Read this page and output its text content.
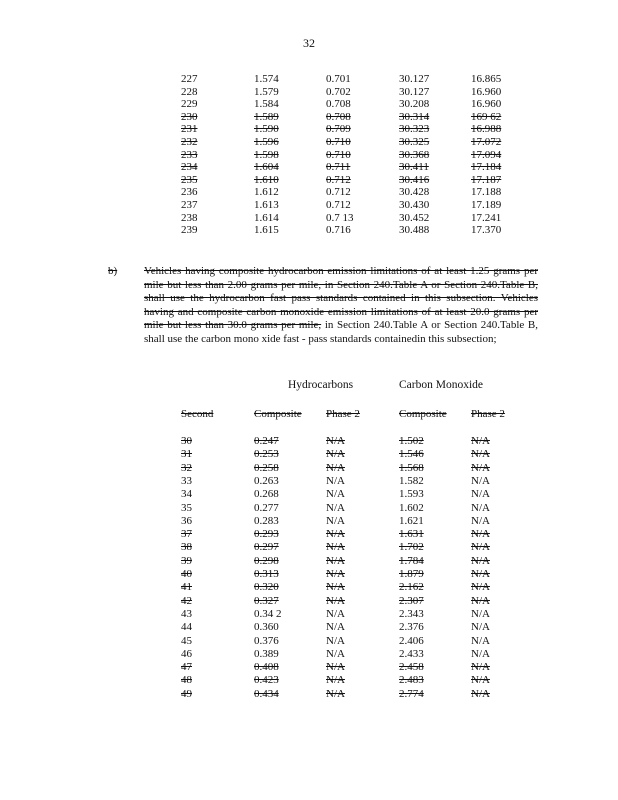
32
227	1.574	0.701	30.127	16.865
228	1.579	0.702	30.127	16.960
229	1.584	0.708	30.208	16.960
230	1.589	0.708	30.314	169 62
231	1.590	0.709	30.323	16.988
232	1.596	0.710	30.325	17.072
233	1.598	0.710	30.368	17.094
234	1.604	0.711	30.411	17.184
235	1.610	0.712	30.416	17.187
236	1.612	0.712	30.428	17.188
237	1.613	0.712	30.430	17.189
238	1.614	0.7 13	30.452	17.241
239	1.615	0.716	30.488	17.370
b) Vehicles having composite hydrocarbon emission limitations of at least 1.25 grams per mile but less than 2.00 grams per mile, in Section 240.Table A or Section 240.Table B, shall use the hydrocarbon fast pass standards contained in this subsection. Vehicles having and composite carbon monoxide emission limitations of at least 20.0 grams per mile but less than 30.0 grams per mile, in Section 240.Table A or Section 240.Table B, shall use the carbon mono xide fast - pass standards containedin this subsection;
Hydrocarbons	Carbon Monoxide
Second	Composite Phase 2	Composite Phase 2
30	0.247	N/A	1.502	N/A
31	0.253	N/A	1.546	N/A
32	0.258	N/A	1.568	N/A
33	0.263	N/A	1.582	N/A
34	0.268	N/A	1.593	N/A
35	0.277	N/A	1.602	N/A
36	0.283	N/A	1.621	N/A
37	0.293	N/A	1.631	N/A
38	0.297	N/A	1.702	N/A
39	0.298	N/A	1.784	N/A
40	0.313	N/A	1.879	N/A
41	0.320	N/A	2.162	N/A
42	0.327	N/A	2.307	N/A
43	0.34 2	N/A	2.343	N/A
44	0.360	N/A	2.376	N/A
45	0.376	N/A	2.406	N/A
46	0.389	N/A	2.433	N/A
47	0.408	N/A	2.458	N/A
48	0.423	N/A	2.483	N/A
49	0.434	N/A	2.774	N/A
